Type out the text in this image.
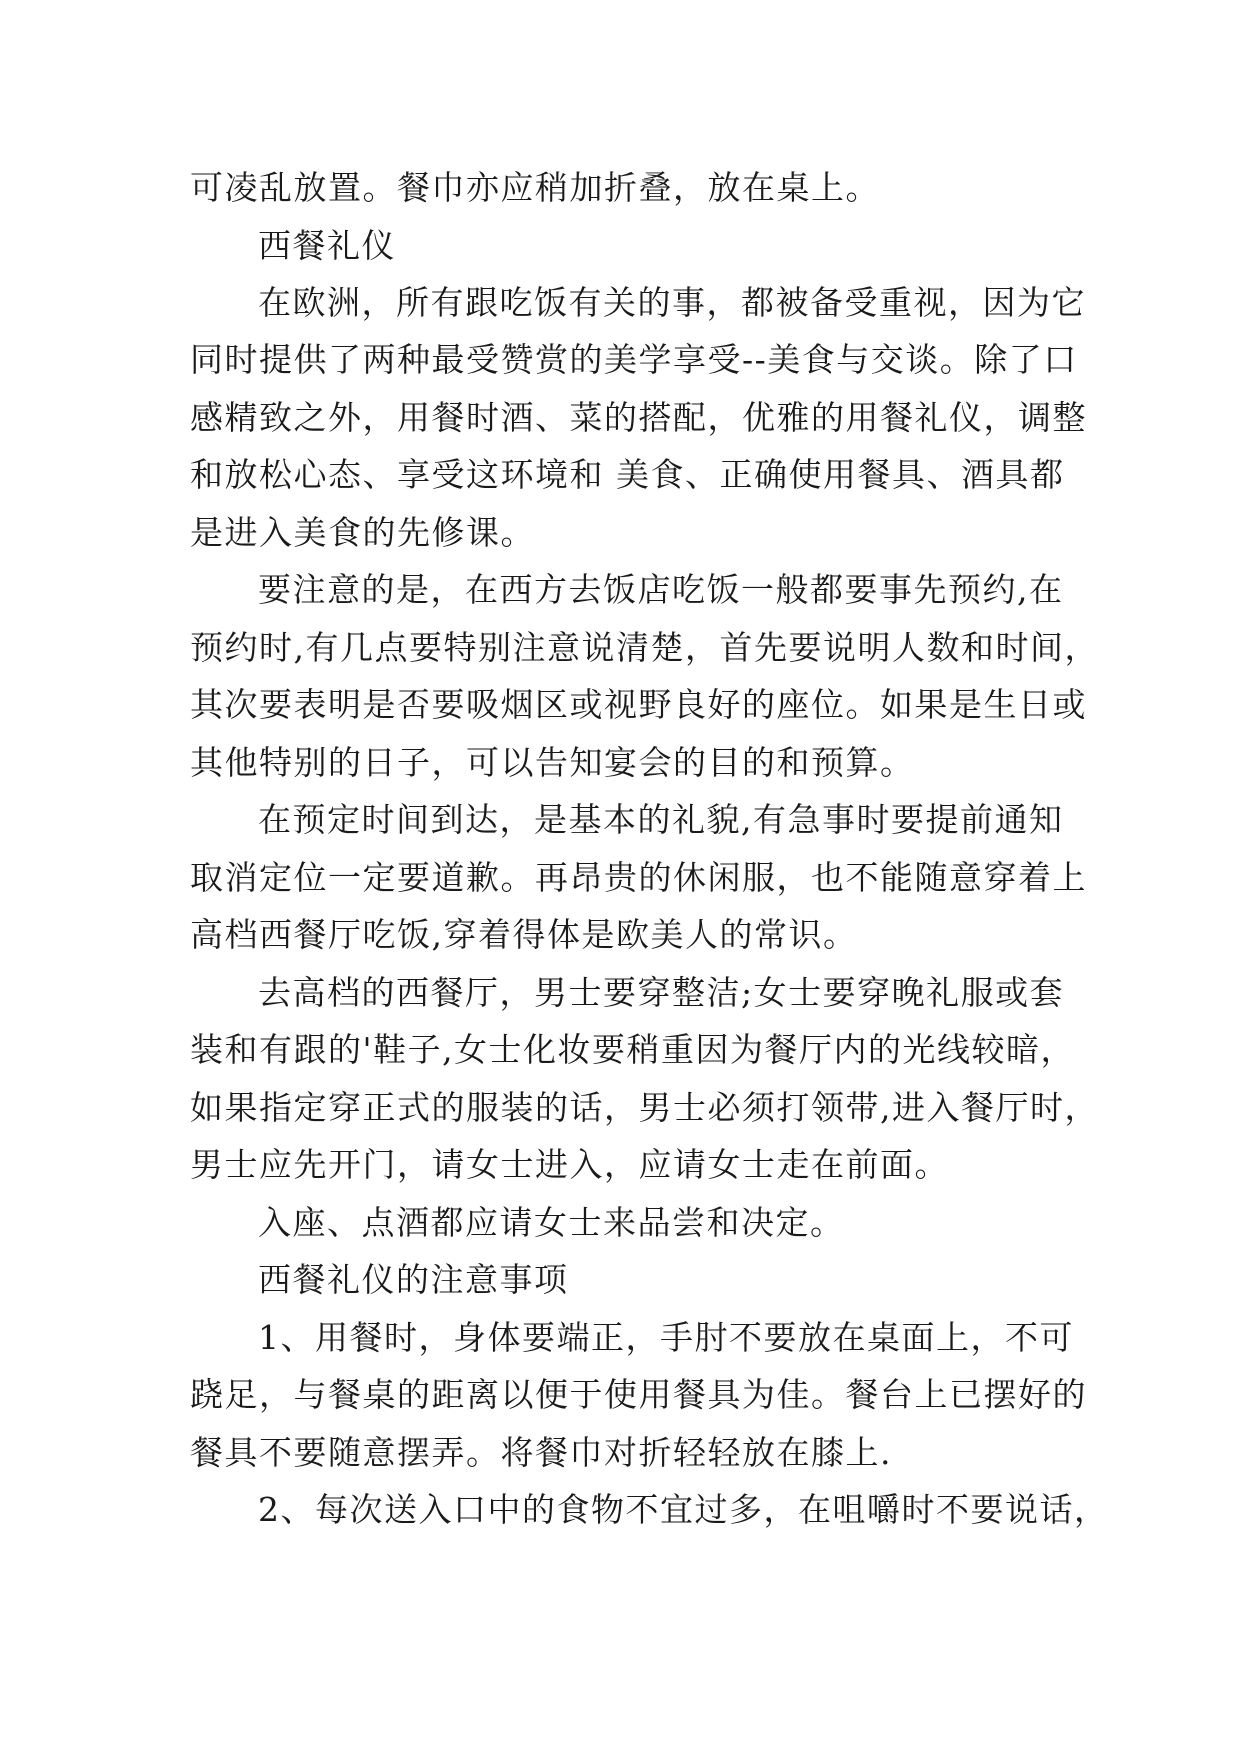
可凌乱放置。餐巾亦应稍加折叠，放在桌上。
西餐礼仪
在欧洲，所有跟吃饭有关的事，都被备受重视，因为它
同时提供了两种最受赞赏的美学享受--美食与交谈。除了口
感精致之外，用餐时酒、菜的搭配，优雅的用餐礼仪，调整
和放松心态、享受这环境和 美食、正确使用餐具、酒具都
是进入美食的先修课。
要注意的是，在西方去饭店吃饭一般都要事先预约,在
预约时,有几点要特别注意说清楚，首先要说明人数和时间，
其次要表明是否要吸烟区或视野良好的座位。如果是生日或
其他特别的日子，可以告知宴会的目的和预算。
在预定时间到达，是基本的礼貌,有急事时要提前通知
取消定位一定要道歉。再昂贵的休闲服，也不能随意穿着上
高档西餐厅吃饭,穿着得体是欧美人的常识。
去高档的西餐厅，男士要穿整洁;女士要穿晚礼服或套
装和有跟的'鞋子,女士化妆要稍重因为餐厅内的光线较暗，
如果指定穿正式的服装的话，男士必须打领带,进入餐厅时，
男士应先开门，请女士进入，应请女士走在前面。
入座、点酒都应请女士来品尝和决定。
西餐礼仪的注意事项
1、用餐时，身体要端正，手肘不要放在桌面上，不可
跷足，与餐桌的距离以便于使用餐具为佳。餐台上已摆好的
餐具不要随意摆弄。将餐巾对折轻轻放在膝上.
2、每次送入口中的食物不宜过多，在咀嚼时不要说话，
